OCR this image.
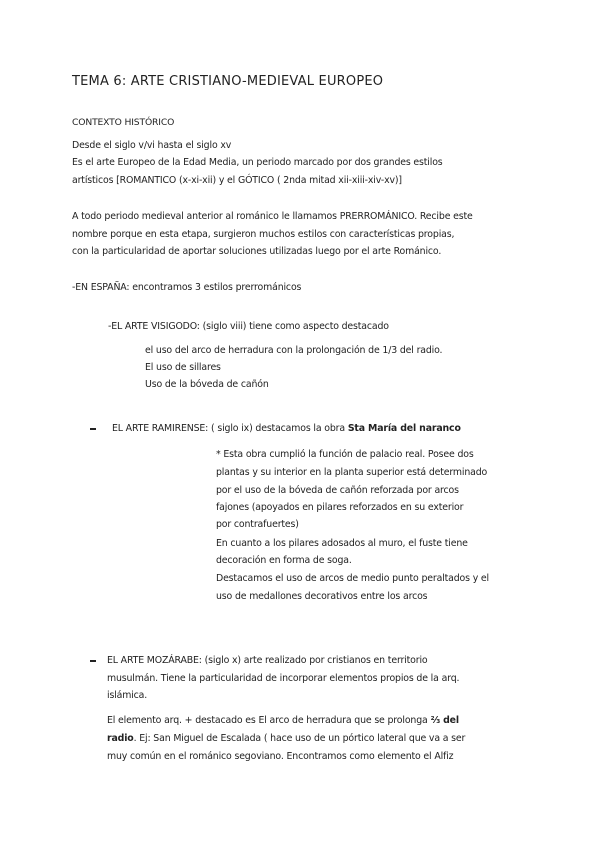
TEMA 6: ARTE CRISTIANO-MEDIEVAL EUROPEO
CONTEXTO HISTÓRICO
Desde el siglo v/vi hasta el siglo xv
Es el arte Europeo de la Edad Media, un periodo marcado por dos grandes estilos
artísticos [ROMANTICO (x-xi-xii) y el GÓTICO ( 2nda mitad xii-xiii-xiv-xv)]
A todo periodo medieval anterior al románico le llamamos PRERROMÁNICO. Recibe este
nombre porque en esta etapa, surgieron muchos estilos con características propias,
con la particularidad de aportar soluciones utilizadas luego por el arte Románico.
-EN ESPAÑA: encontramos 3 estilos prerrománicos
-EL ARTE VISIGODO: (siglo viii) tiene como aspecto destacado
el uso del arco de herradura con la prolongación de 1/3 del radio.
El uso de sillares
Uso de la bóveda de cañón
EL ARTE RAMIRENSE: ( siglo ix) destacamos la obra Sta María del naranco
* Esta obra cumplió la función de palacio real. Posee dos
plantas y su interior en la planta superior está determinado
por el uso de la bóveda de cañón reforzada por arcos
fajones (apoyados en pilares reforzados en su exterior
por contrafuertes)
En cuanto a los pilares adosados al muro, el fuste tiene
decoración en forma de soga.
Destacamos el uso de arcos de medio punto peraltados y el
uso de medallones decorativos entre los arcos
EL ARTE MOZÁRABE: (siglo x) arte realizado por cristianos en territorio
musulmán. Tiene la particularidad de incorporar elementos propios de la arq.
islámica.
El elemento arq. + destacado es El arco de herradura que se prolonga ⅔ del
radio. Ej: San Miguel de Escalada ( hace uso de un pórtico lateral que va a ser
muy común en el románico segoviano. Encontramos como elemento el Alfiz
